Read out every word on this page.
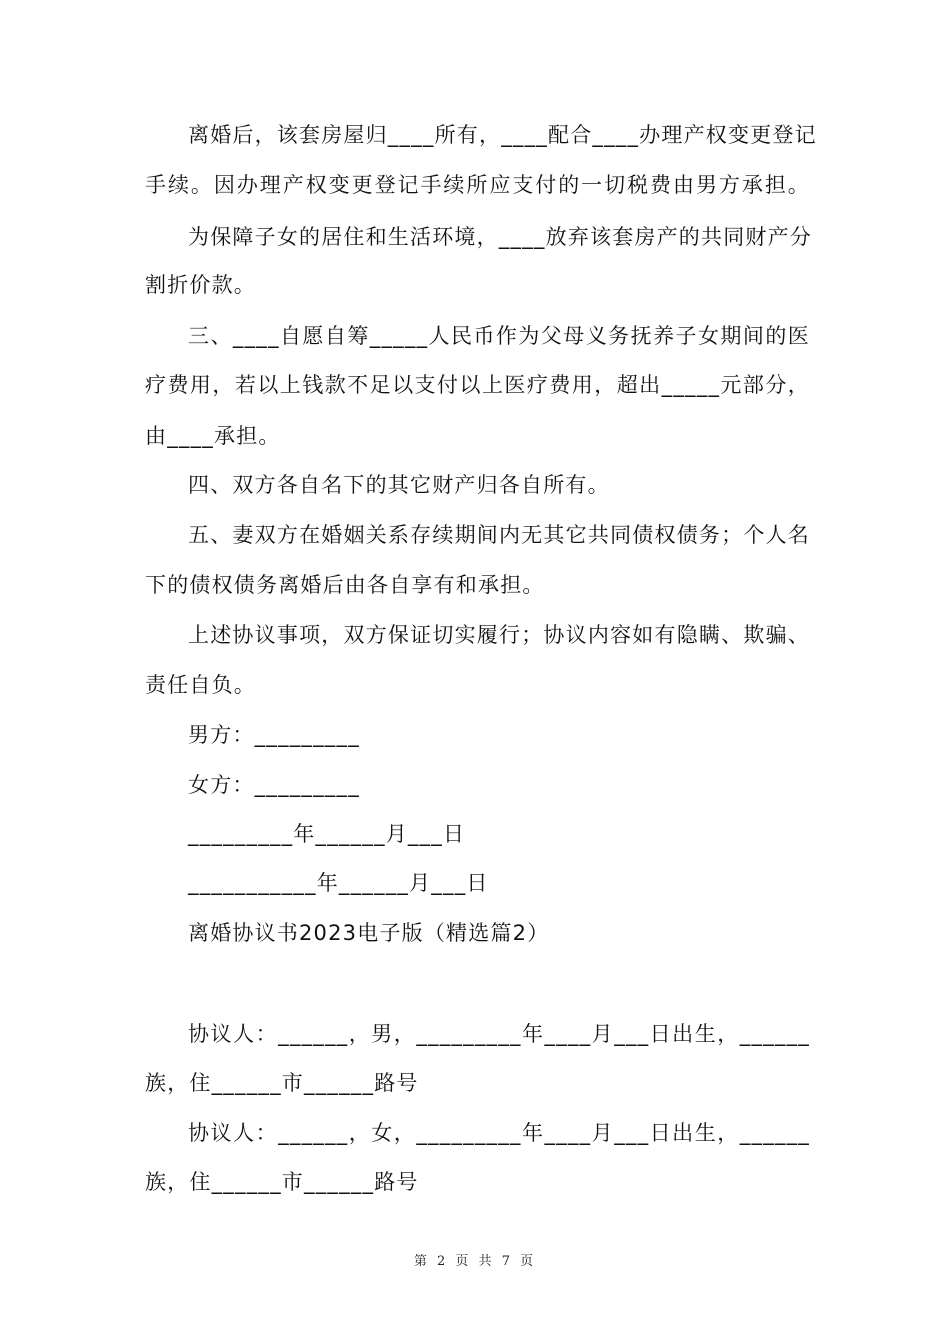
离婚后，该套房屋归____所有，____配合____办理产权变更登记
手续。因办理产权变更登记手续所应支付的一切税费由男方承担。
为保障子女的居住和生活环境，____放弃该套房产的共同财产分
割折价款。
三、____自愿自筹_____人民币作为父母义务抚养子女期间的医
疗费用，若以上钱款不足以支付以上医疗费用，超出_____元部分，
由____承担。
四、双方各自名下的其它财产归各自所有。
五、妻双方在婚姻关系存续期间内无其它共同债权债务；个人名
下的债权债务离婚后由各自享有和承担。
上述协议事项，双方保证切实履行；协议内容如有隐瞒、欺骗、
责任自负。
男方：_________
女方：_________
_________年______月___日
___________年______月___日
离婚协议书2023电子版（精选篇2）
协议人：______，男，_________年____月___日出生，______
族，住______市______路号
协议人：______，女，_________年____月___日出生，______
族，住______市______路号
第 2 页 共 7 页
